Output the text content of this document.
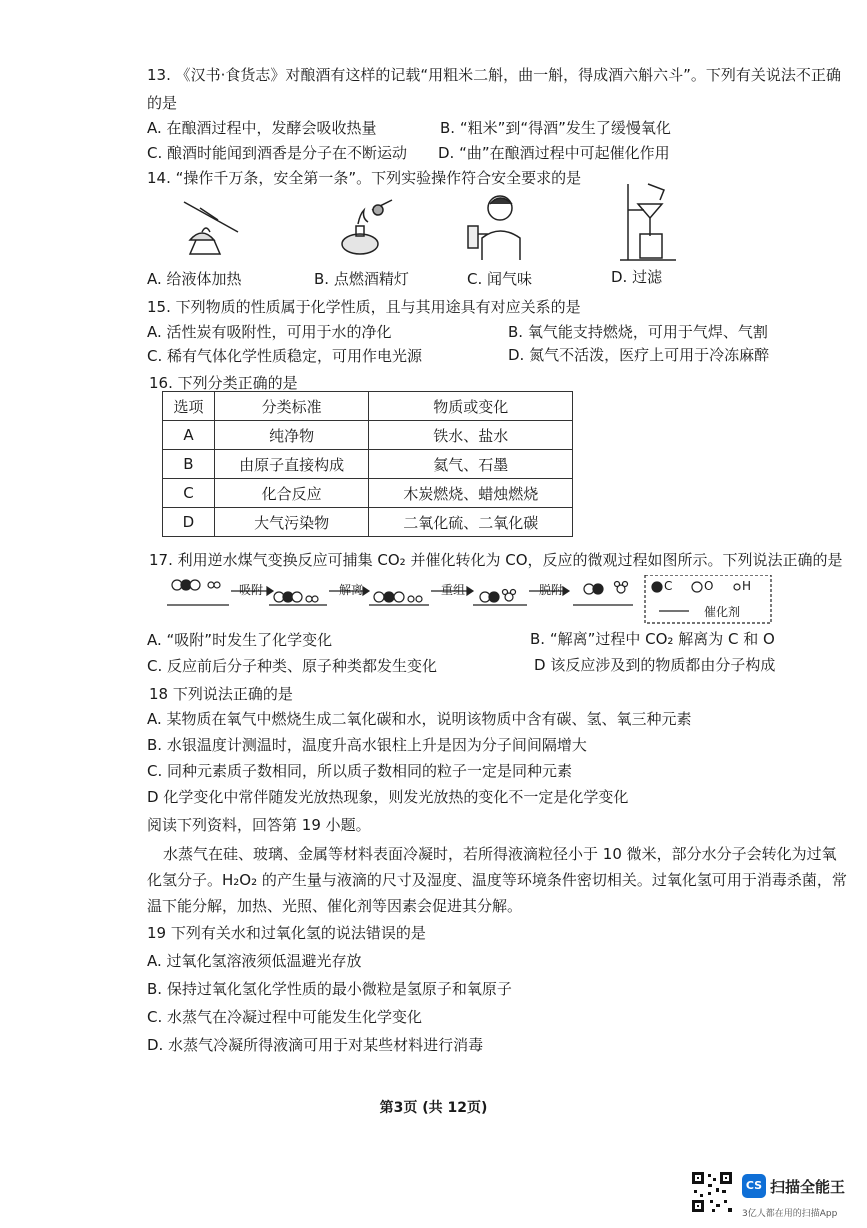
13. 《汉书·食货志》对酿酒有这样的记载“用粗米二斛，曲一斛，得成酒六斛六斗”。下列有关说法不正确
的是
A. 在酿酒过程中，发酵会吸收热量	B. “粗米”到“得酒”发生了缓慢氧化
C. 酿酒时能闻到酒香是分子在不断运动 D. “曲”在酿酒过程中可起催化作用
14. “操作千万条，安全第一条”。下列实验操作符合安全要求的是
A. 给液体加热	B. 点燃酒精灯	C. 闻气味	D. 过滤
15. 下列物质的性质属于化学性质，且与其用途具有对应关系的是
A. 活性炭有吸附性，可用于水的净化	B. 氧气能支持燃烧，可用于气焊、气割
C. 稀有气体化学性质稳定，可用作电光源	D. 氮气不活泼，医疗上可用于冷冻麻醉
16. 下列分类正确的是
选项	分类标准	物质或变化
A	纯净物	铁水、盐水
B	由原子直接构成	氦气、石墨
C	化合反应	木炭燃烧、蜡烛燃烧
D	大气污染物	二氧化硫、二氧化碳
17. 利用逆水煤气变换反应可捕集 CO₂ 并催化转化为 CO，反应的微观过程如图所示。下列说法正确的是
吸附	解离	重组	脱附	C	O H
催化剂
A. “吸附”时发生了化学变化	B. “解离”过程中 CO₂ 解离为 C 和 O
C. 反应前后分子种类、原子种类都发生变化	D 该反应涉及到的物质都由分子构成
18 下列说法正确的是
A. 某物质在氧气中燃烧生成二氧化碳和水，说明该物质中含有碳、氢、氧三种元素
B. 水银温度计测温时，温度升高水银柱上升是因为分子间间隔增大
C. 同种元素质子数相同，所以质子数相同的粒子一定是同种元素
D 化学变化中常伴随发光放热现象，则发光放热的变化不一定是化学变化
阅读下列资料，回答第 19 小题。
水蒸气在硅、玻璃、金属等材料表面冷凝时，若所得液滴粒径小于 10 微米，部分水分子会转化为过氧
化氢分子。H₂O₂ 的产生量与液滴的尺寸及湿度、温度等环境条件密切相关。过氧化氢可用于消毒杀菌，常
温下能分解，加热、光照、催化剂等因素会促进其分解。
19 下列有关水和过氧化氢的说法错误的是
A. 过氧化氢溶液须低温避光存放
B. 保持过氧化氢化学性质的最小微粒是氢原子和氧原子
C. 水蒸气在冷凝过程中可能发生化学变化
D. 水蒸气冷凝所得液滴可用于对某些材料进行消毒
第3页 (共 12页)
CS 扫描全能王
3亿人都在用的扫描App
